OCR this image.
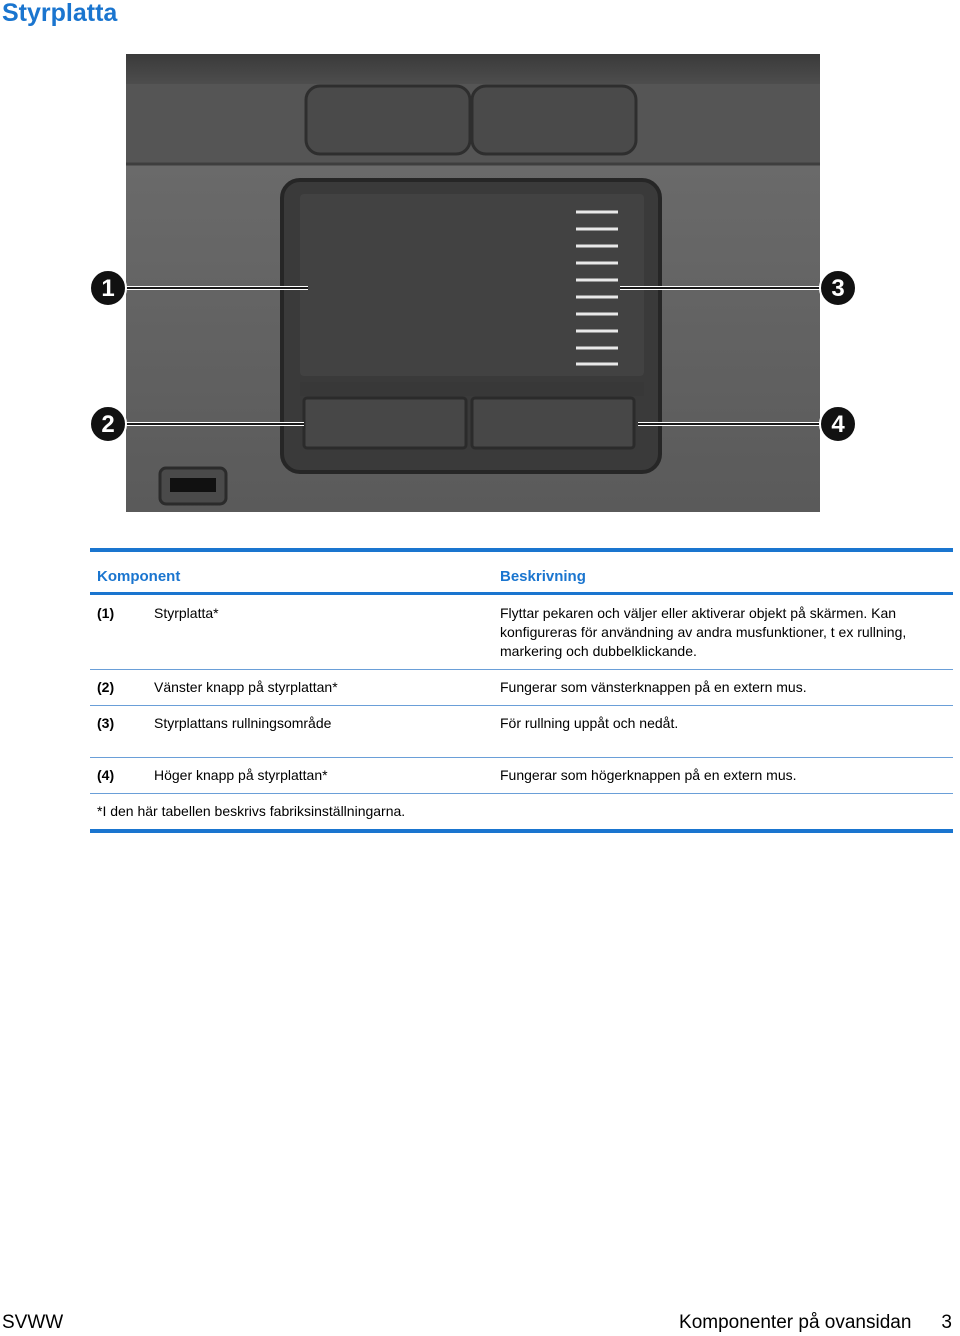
Styrplatta
1
2
3
4
Komponent	Beskrivning
(1)	Styrplatta*	Flyttar pekaren och väljer eller aktiverar objekt på skärmen. Kan konfigureras för användning av andra musfunktioner, t ex rullning, markering och dubbelklickande.
(2)	Vänster knapp på styrplattan*	Fungerar som vänsterknappen på en extern mus.
(3)	Styrplattans rullningsområde	För rullning uppåt och nedåt.
(4)	Höger knapp på styrplattan*	Fungerar som högerknappen på en extern mus.
*I den här tabellen beskrivs fabriksinställningarna.
SVWW	Komponenter på ovansidan 3
